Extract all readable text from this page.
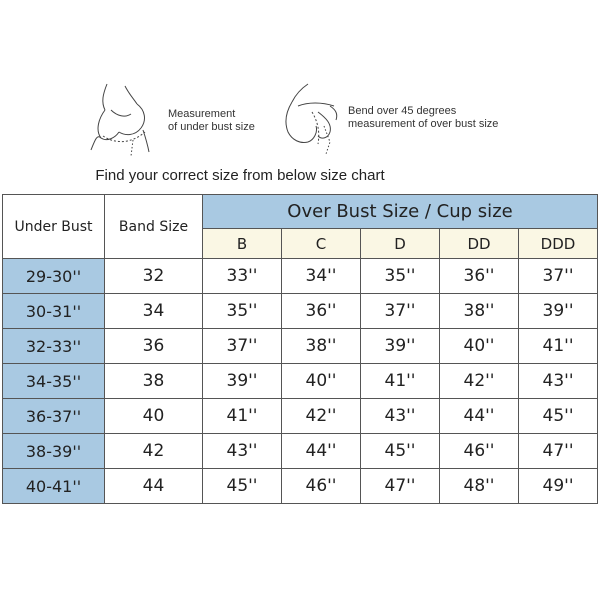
Measurement
of under bust size
Bend over 45 degrees
measurement of over bust size
Find your correct size from below size chart
Under Bust	Band Size	Over Bust Size / Cup size				
		B	C	D	DD	DDD
29-30''	32	33''	34''	35''	36''	37''
30-31''	34	35''	36''	37''	38''	39''
32-33''	36	37''	38''	39''	40''	41''
34-35''	38	39''	40''	41''	42''	43''
36-37''	40	41''	42''	43''	44''	45''
38-39''	42	43''	44''	45''	46''	47''
40-41''	44	45''	46''	47''	48''	49''
